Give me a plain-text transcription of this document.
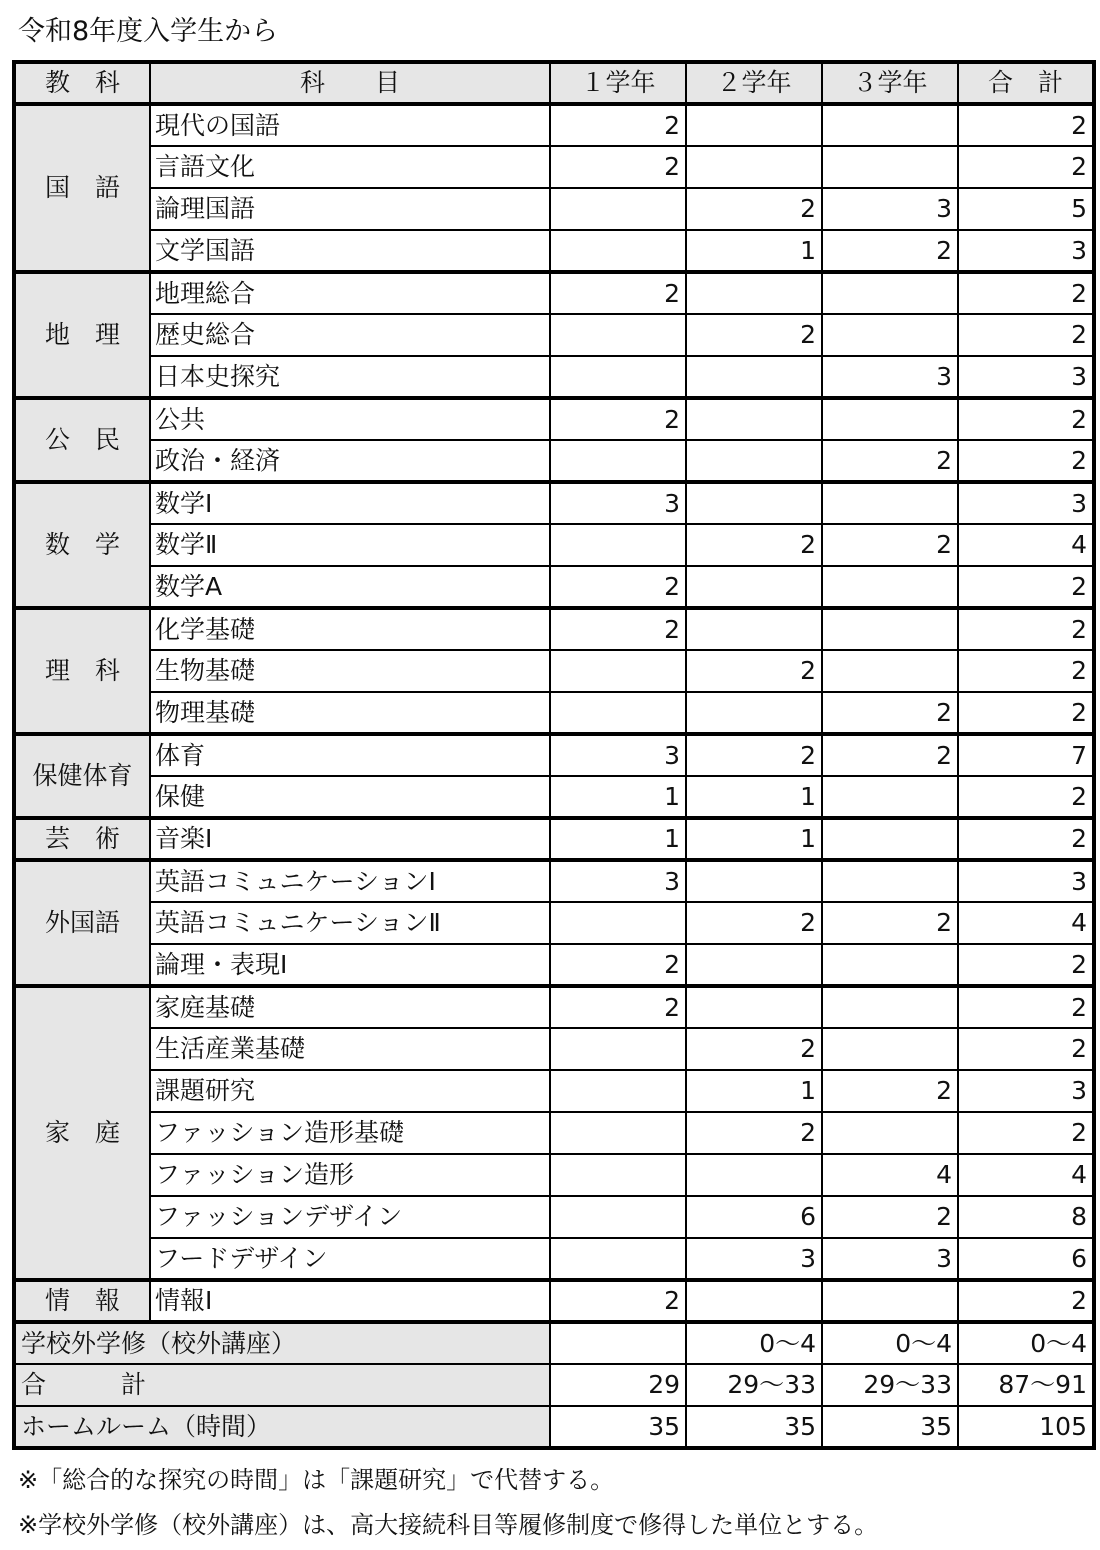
令和8年度入学生から
教　科	科　　目	１学年	２学年	３学年	合　計
国　語	現代の国語	2			2
	言語文化	2			2
	論理国語		2	3	5
	文学国語		1	2	3
地　理	地理総合	2			2
	歴史総合		2		2
	日本史探究			3	3
公　民	公共	2			2
	政治・経済			2	2
数　学	数学Ⅰ	3			3
	数学Ⅱ		2	2	4
	数学A	2			2
理　科	化学基礎	2			2
	生物基礎		2		2
	物理基礎			2	2
保健体育	体育	3	2	2	7
	保健	1	1		2
芸　術	音楽Ⅰ	1	1		2
外国語	英語コミュニケーションⅠ	3			3
	英語コミュニケーションⅡ		2	2	4
	論理・表現Ⅰ	2			2
家　庭	家庭基礎	2			2
	生活産業基礎		2		2
	課題研究		1	2	3
	ファッション造形基礎		2		2
	ファッション造形			4	4
	ファッションデザイン		6	2	8
	フードデザイン		3	3	6
情　報	情報Ⅰ	2			2
学校外学修（校外講座）			0～4	0～4	0～4
合　　　計		29	29～33	29～33	87～91
ホームルーム（時間）		35	35	35	105
※「総合的な探究の時間」は「課題研究」で代替する。
※学校外学修（校外講座）は、高大接続科目等履修制度で修得した単位とする。
